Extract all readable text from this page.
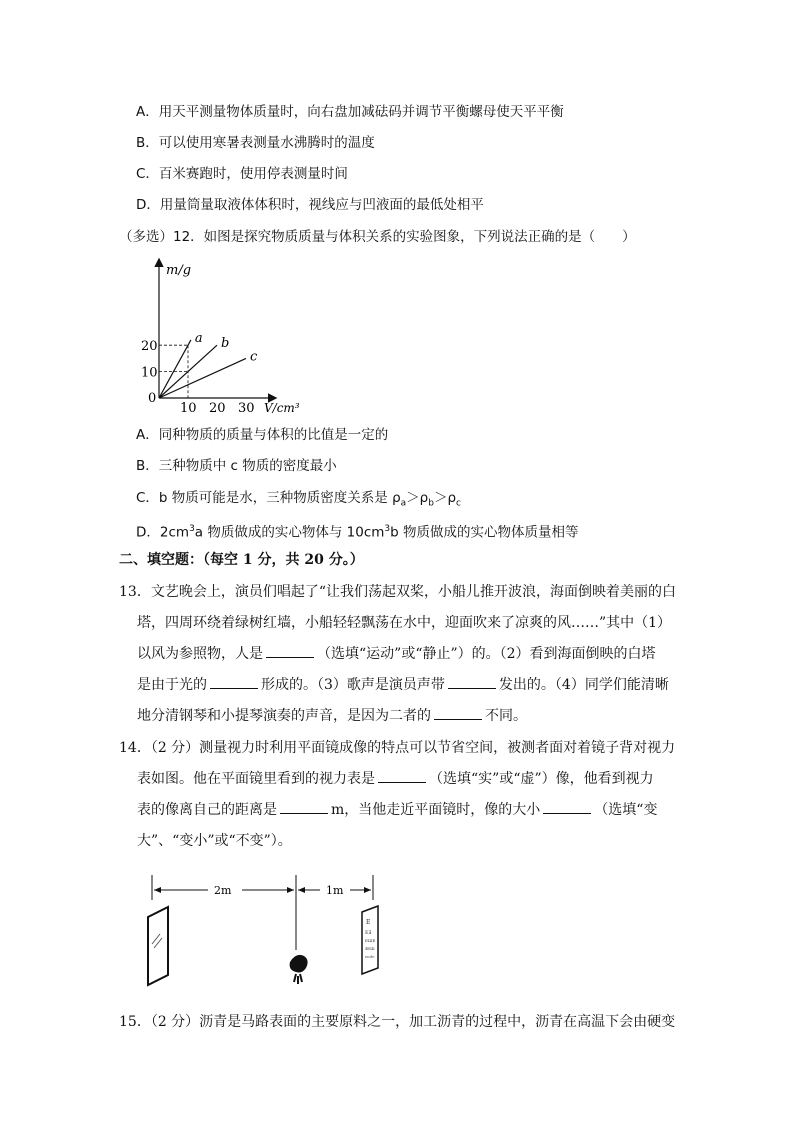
A．用天平测量物体质量时，向右盘加减砝码并调节平衡螺母使天平平衡
B．可以使用寒暑表测量水沸腾时的温度
C．百米赛跑时，使用停表测量时间
D．用量筒量取液体体积时，视线应与凹液面的最低处相平
（多选）12．如图是探究物质质量与体积关系的实验图象，下列说法正确的是（　　）
a b
c
10 20 30
10
20
m/g
V/cm³
0
A．同种物质的质量与体积的比值是一定的
B．三种物质中 c 物质的密度最小
C．b 物质可能是水，三种物质密度关系是 $\rho_a>\rho_b>\rho_c$
D．$2cm^3a$ 物质做成的实心物体与 $10cm^3b$ 物质做成的实心物体质量相等
二、填空题：（每空 1 分，共 20 分。）
13．文艺晚会上，演员们唱起了“让我们荡起双桨，小船儿推开波浪，海面倒映着美丽的白
塔，四周环绕着绿树红墙，小船轻轻飘荡在水中，迎面吹来了凉爽的风……”其中（1）
以风为参照物，人是	（选填“运动”或“静止”）的。（2）看到海面倒映的白塔
是由于光的	形成的。（3）歌声是演员声带	发出的。（4）同学们能清晰
地分清钢琴和小提琴演奏的声音，是因为二者的	不同。
14．（2 分）测量视力时利用平面镜成像的特点可以节省空间，被测者面对着镜子背对视力
表如图。他在平面镜里看到的视力表是	（选填“实”或“虚”）像，他看到视力
表的像离自己的距离是	m，当他走近平面镜时，像的大小	（选填“变
大”、“变小”或“不变”）。
2m	1m
E
E∃
EШE
∃EШ
EШ∃E
15．（2 分）沥青是马路表面的主要原料之一，加工沥青的过程中，沥青在高温下会由硬变
